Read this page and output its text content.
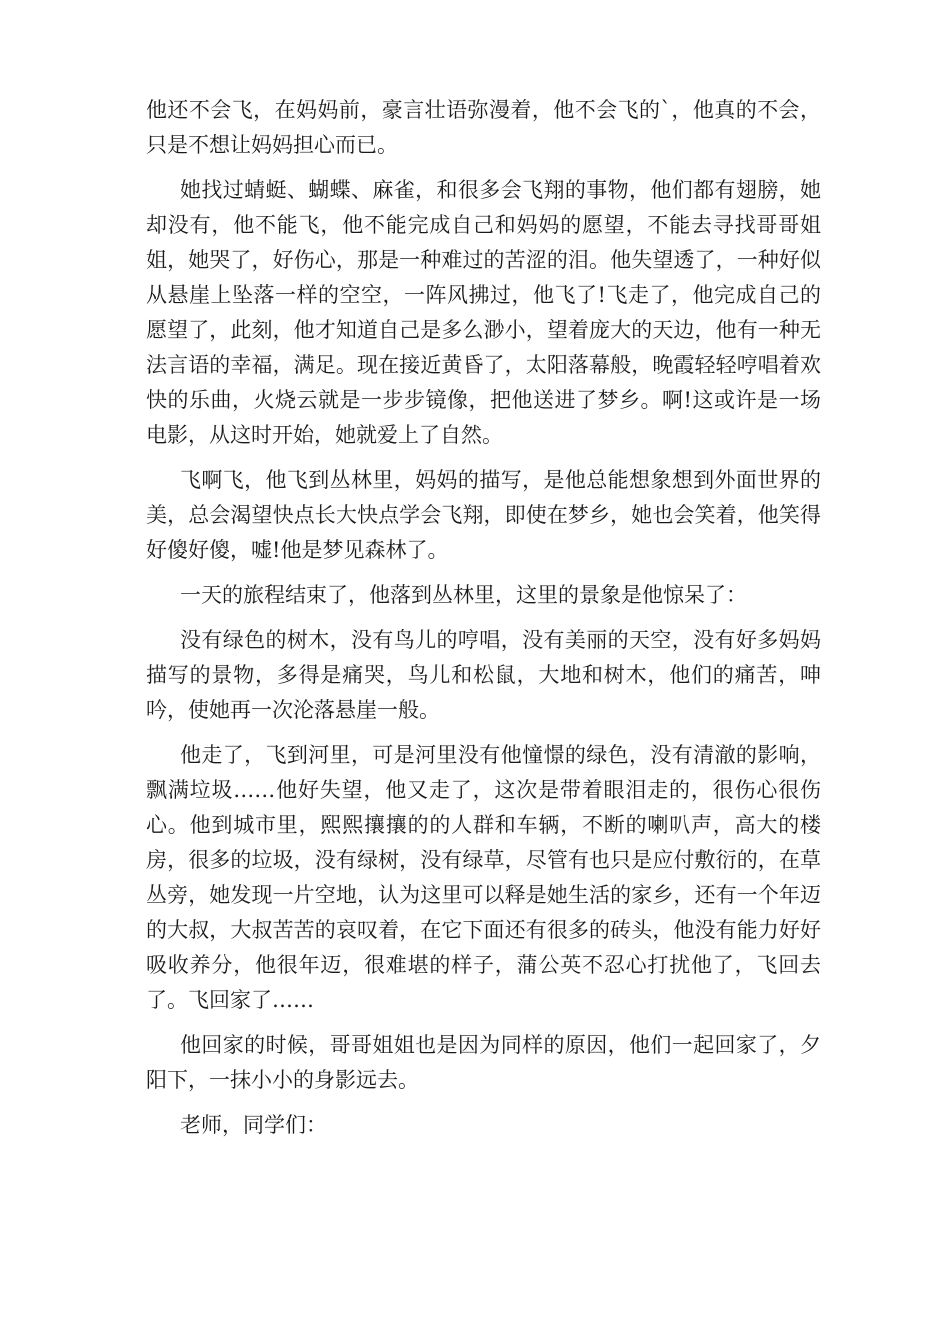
他还不会飞，在妈妈前，豪言壮语弥漫着，他不会飞的`，他真的不会，只是不想让妈妈担心而已。

她找过蜻蜓、蝴蝶、麻雀，和很多会飞翔的事物，他们都有翅膀，她却没有，他不能飞，他不能完成自己和妈妈的愿望，不能去寻找哥哥姐姐，她哭了，好伤心，那是一种难过的苦涩的泪。他失望透了，一种好似从悬崖上坠落一样的空空，一阵风拂过，他飞了!飞走了，他完成自己的愿望了，此刻，他才知道自己是多么渺小，望着庞大的天边，他有一种无法言语的幸福，满足。现在接近黄昏了，太阳落幕般，晚霞轻轻哼唱着欢快的乐曲，火烧云就是一步步镜像，把他送进了梦乡。啊!这或许是一场电影，从这时开始，她就爱上了自然。

飞啊飞，他飞到丛林里，妈妈的描写，是他总能想象想到外面世界的美，总会渴望快点长大快点学会飞翔，即使在梦乡，她也会笑着，他笑得好傻好傻，嘘!他是梦见森林了。

一天的旅程结束了，他落到丛林里，这里的景象是他惊呆了：

没有绿色的树木，没有鸟儿的哼唱，没有美丽的天空，没有好多妈妈描写的景物，多得是痛哭，鸟儿和松鼠，大地和树木，他们的痛苦，呻吟，使她再一次沦落悬崖一般。

他走了，飞到河里，可是河里没有他憧憬的绿色，没有清澈的影响，飘满垃圾……他好失望，他又走了，这次是带着眼泪走的，很伤心很伤心。他到城市里，熙熙攘攘的的人群和车辆，不断的喇叭声，高大的楼房，很多的垃圾，没有绿树，没有绿草，尽管有也只是应付敷衍的，在草丛旁，她发现一片空地，认为这里可以释是她生活的家乡，还有一个年迈的大叔，大叔苦苦的哀叹着，在它下面还有很多的砖头，他没有能力好好吸收养分，他很年迈，很难堪的样子，蒲公英不忍心打扰他了，飞回去了。飞回家了……

他回家的时候，哥哥姐姐也是因为同样的原因，他们一起回家了，夕阳下，一抹小小的身影远去。

老师，同学们：
